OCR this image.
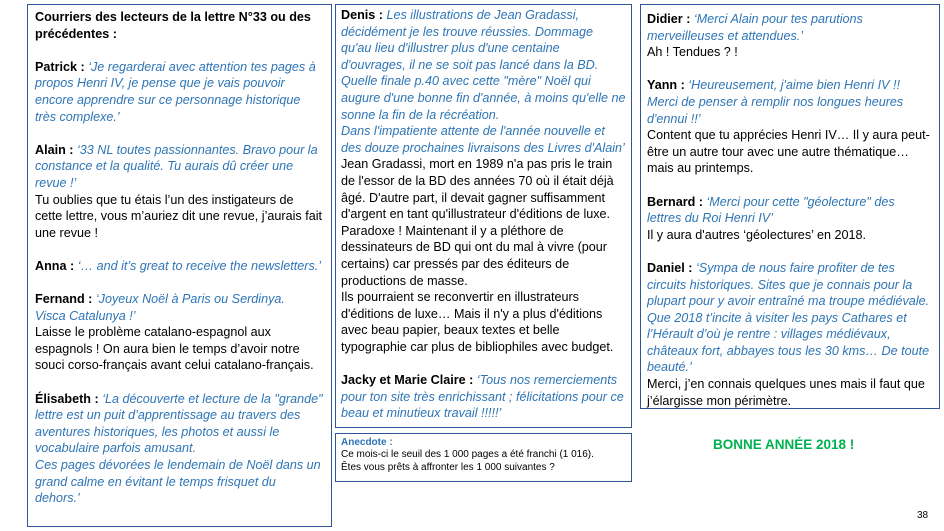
Courriers des lecteurs de la lettre N°33 ou des précédentes :

Patrick : ‘Je regarderai avec attention tes pages à propos Henri IV, je pense que je vais pouvoir encore apprendre sur ce personnage historique très complexe.’

Alain : ‘33 NL toutes passionnantes. Bravo pour la constance et la qualité. Tu aurais dû créer une revue !’

Tu oublies que tu étais l’un des instigateurs de cette lettre, vous m’auriez dit une revue, j’aurais fait une revue !

Anna : ‘… and it’s great to receive the newsletters.’

Fernand : ‘Joyeux Noël à Paris ou Serdinya.

Visca Catalunya !’

Laisse le problème catalano-espagnol aux espagnols ! On aura bien le temps d’avoir notre souci corso-français avant celui catalano-français.

Élisabeth : ‘La découverte et lecture de la "grande" lettre est un puit d’apprentissage au travers des aventures historiques, les photos et aussi le vocabulaire parfois amusant.

Ces pages dévorées le lendemain de Noël dans un grand calme en évitant le temps frisquet du dehors.’

Denis : Les illustrations de Jean Gradassi, décidément je les trouve réussies. Dommage qu'au lieu d'illustrer plus d'une centaine d'ouvrages, il ne se soit pas lancé dans la BD.

Quelle finale p.40 avec cette "mère" Noël qui augure d'une bonne fin d'année, à moins qu'elle ne sonne la fin de la récréation.

Dans l'impatiente attente de l'année nouvelle et des douze prochaines livraisons des Livres d'Alain’

Jean Gradassi, mort en 1989 n'a pas pris le train de l'essor de la BD des années 70 où il était déjà âgé. D'autre part, il devait gagner suffisamment d'argent en tant qu'illustrateur d'éditions de luxe. Paradoxe ! Maintenant il y a pléthore de dessinateurs de BD qui ont du mal à vivre (pour certains) car pressés par des éditeurs de productions de masse.

Ils pourraient se reconvertir en illustrateurs d'éditions de luxe… Mais il n'y a plus d'éditions avec beau papier, beaux textes et belle typographie car plus de bibliophiles avec budget.

Jacky et Marie Claire : ‘Tous nos remerciements pour ton site très enrichissant ; félicitations pour ce beau et minutieux travail !!!!!’

Anecdote :

Ce mois-ci le seuil des 1 000 pages a été franchi (1 016).

Êtes vous prêts à affronter les 1 000 suivantes ?

Didier : ‘Merci Alain pour tes parutions merveilleuses et attendues.’

Ah ! Tendues ? !

Yann : ‘Heureusement, j'aime bien Henri IV !! Merci de penser à remplir nos longues heures d'ennui !!’

Content que tu apprécies Henri IV… Il y aura peut-être un autre tour avec une autre thématique… mais au printemps.

Bernard : ‘Merci pour cette "géolecture" des lettres du Roi Henri IV’

Il y aura d'autres ‘géolectures’ en 2018.

Daniel : ‘Sympa de nous faire profiter de tes circuits historiques. Sites que je connais pour la plupart pour y avoir entraîné ma troupe médiévale. Que 2018 t’incite à visiter les pays Cathares et l’Hérault d’où je rentre : villages médiévaux, châteaux fort, abbayes tous les 30 kms… De toute beauté.’

Merci, j’en connais quelques unes mais il faut que j’élargisse mon périmètre.

BONNE ANNÉE 2018 !
38
